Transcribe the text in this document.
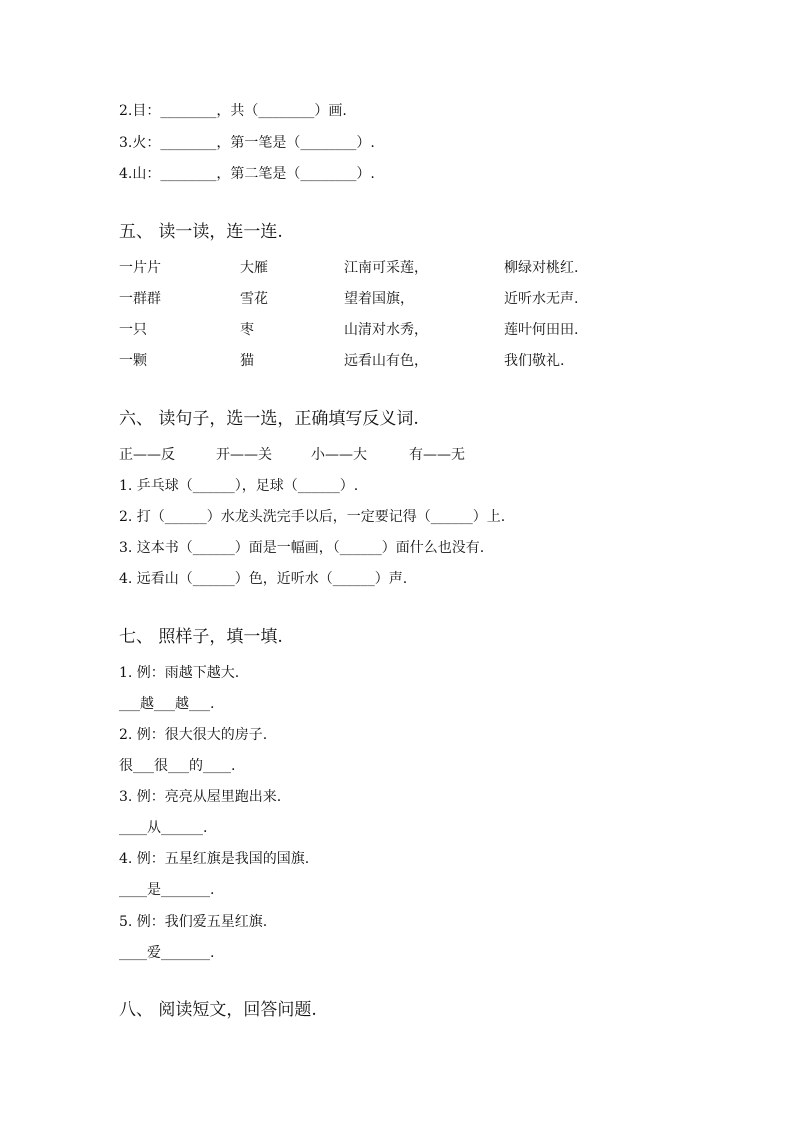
2.目：________，共（________）画.
3.火：________，第一笔是（________）.
4.山：________，第二笔是（________）.
五、 读一读，连一连.
一片片	大雁	江南可采莲，	柳绿对桃红.
一群群	雪花	望着国旗，	近听水无声.
一只	枣	山清对水秀，	莲叶何田田.
一颗	猫	远看山有色，	我们敬礼.
六、 读句子，选一选，正确填写反义词.
正——反	开——关	小——大	有——无
1. 乒乓球（______），足球（______）.
2. 打（______）水龙头洗完手以后，一定要记得（______）上.
3. 这本书（______）面是一幅画，（______）面什么也没有.
4. 远看山（______）色，近听水（______）声.
七、 照样子，填一填.
1. 例：雨越下越大.
___越___越___.
2. 例：很大很大的房子.
很___很___的____.
3. 例：亮亮从屋里跑出来.
____从______.
4. 例：五星红旗是我国的国旗.
____是_______.
5. 例：我们爱五星红旗.
____爱_______.
八、 阅读短文，回答问题.
